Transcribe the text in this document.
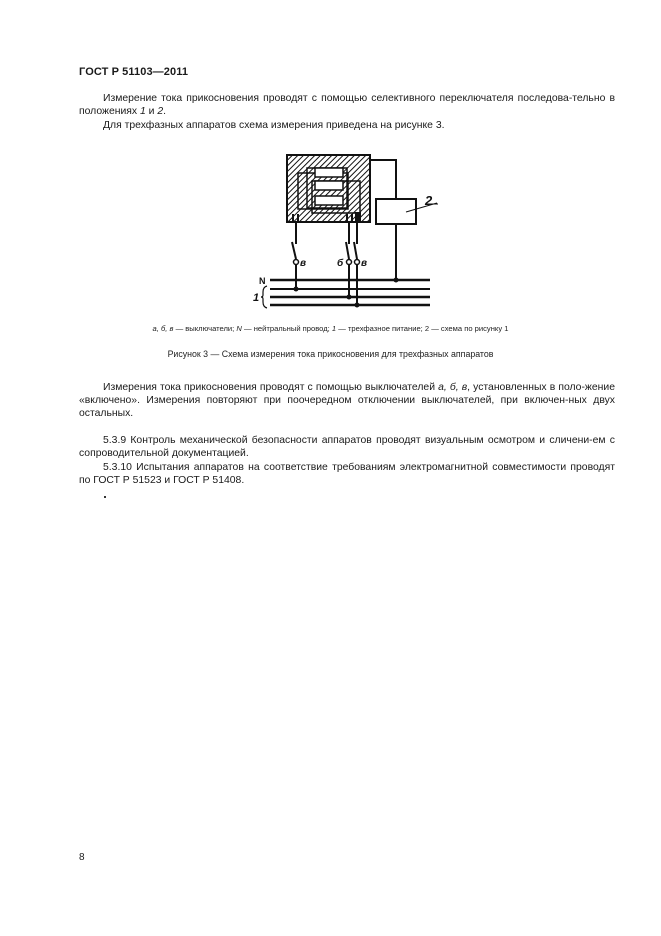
ГОСТ Р 51103—2011

Измерение тока прикосновения проводят с помощью селективного переключателя последова-тельно в положениях 1 и 2.

Для трехфазных аппаратов схема измерения приведена на рисунке 3.

2
N
1
в	б в
а, б, в — выключатели; N — нейтральный провод; 1 — трехфазное питание; 2 — схема по рисунку 1
Рисунок 3 — Схема измерения тока прикосновения для трехфазных аппаратов

Измерения тока прикосновения проводят с помощью выключателей а, б, в, установленных в поло-жение «включено». Измерения повторяют при поочередном отключении выключателей, при включен-ных двух остальных.

5.3.9 Контроль механической безопасности аппаратов проводят визуальным осмотром и сличени-ем с сопроводительной документацией.

5.3.10 Испытания аппаратов на соответствие требованиям электромагнитной совместимости проводят по ГОСТ Р 51523 и ГОСТ Р 51408.

8
